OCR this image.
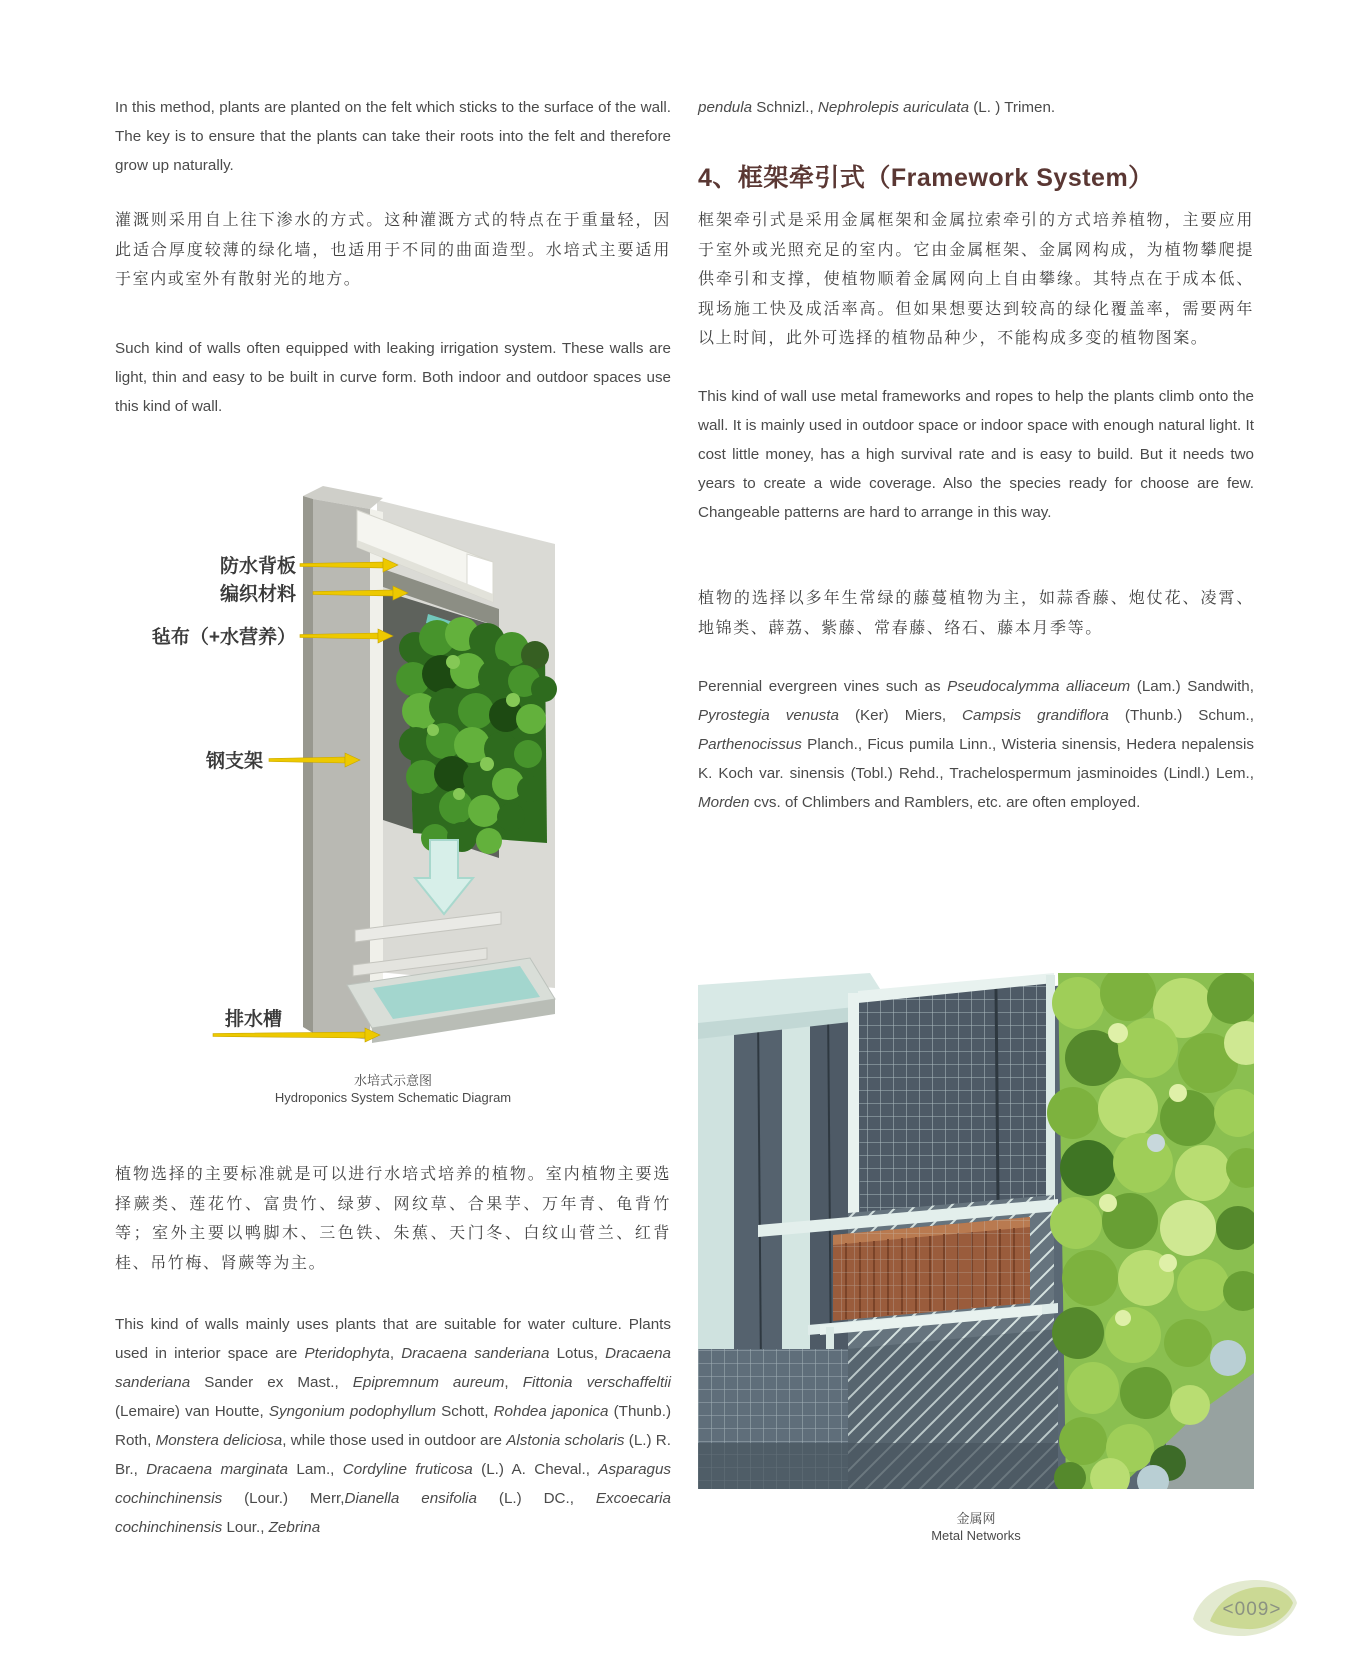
In this method, plants are planted on the felt which sticks to the surface of the wall. The key is to ensure that the plants can take their roots into the felt and therefore grow up naturally.
灌溉则采用自上往下渗水的方式。这种灌溉方式的特点在于重量轻，因此适合厚度较薄的绿化墙，也适用于不同的曲面造型。水培式主要适用于室内或室外有散射光的地方。
Such kind of walls often equipped with leaking irrigation system. These walls are light, thin and easy to be built in curve form. Both indoor and outdoor spaces use this kind of wall.
防水背板
编织材料
毡布（+水营养）
钢支架
排水槽
水培式示意图
Hydroponics System Schematic Diagram
植物选择的主要标准就是可以进行水培式培养的植物。室内植物主要选择蕨类、莲花竹、富贵竹、绿萝、网纹草、合果芋、万年青、龟背竹等；室外主要以鸭脚木、三色铁、朱蕉、天门冬、白纹山菅兰、红背桂、吊竹梅、肾蕨等为主。
This kind of walls mainly uses plants that are suitable for water culture. Plants used in interior space are Pteridophyta, Dracaena sanderiana Lotus, Dracaena sanderiana Sander ex Mast., Epipremnum aureum, Fittonia verschaffeltii (Lemaire) van Houtte, Syngonium podophyllum Schott, Rohdea japonica (Thunb.) Roth, Monstera deliciosa, while those used in outdoor are Alstonia scholaris (L.) R. Br., Dracaena marginata Lam., Cordyline fruticosa (L.) A. Cheval., Asparagus cochinchinensis (Lour.) Merr,Dianella ensifolia (L.) DC., Excoecaria cochinchinensis Lour., Zebrina
pendula Schnizl., Nephrolepis auriculata (L. ) Trimen.
4、框架牵引式（Framework System）
框架牵引式是采用金属框架和金属拉索牵引的方式培养植物，主要应用于室外或光照充足的室内。它由金属框架、金属网构成，为植物攀爬提供牵引和支撑，使植物顺着金属网向上自由攀缘。其特点在于成本低、现场施工快及成活率高。但如果想要达到较高的绿化覆盖率，需要两年以上时间，此外可选择的植物品种少，不能构成多变的植物图案。
This kind of wall use metal frameworks and ropes to help the plants climb onto the wall. It is mainly used in outdoor space or indoor space with enough natural light. It cost little money, has a high survival rate and is easy to build. But it needs two years to create a wide coverage. Also the species ready for choose are few. Changeable patterns are hard to arrange in this way.
植物的选择以多年生常绿的藤蔓植物为主，如蒜香藤、炮仗花、凌霄、地锦类、薜荔、紫藤、常春藤、络石、藤本月季等。
Perennial evergreen vines such as Pseudocalymma alliaceum (Lam.) Sandwith, Pyrostegia venusta (Ker) Miers, Campsis grandiflora (Thunb.) Schum., Parthenocissus Planch., Ficus pumila Linn., Wisteria sinensis, Hedera nepalensis K. Koch var. sinensis (Tobl.) Rehd., Trachelospermum jasminoides (Lindl.) Lem., Morden cvs. of Chlimbers and Ramblers, etc. are often employed.
金属网
Metal Networks
<009>
